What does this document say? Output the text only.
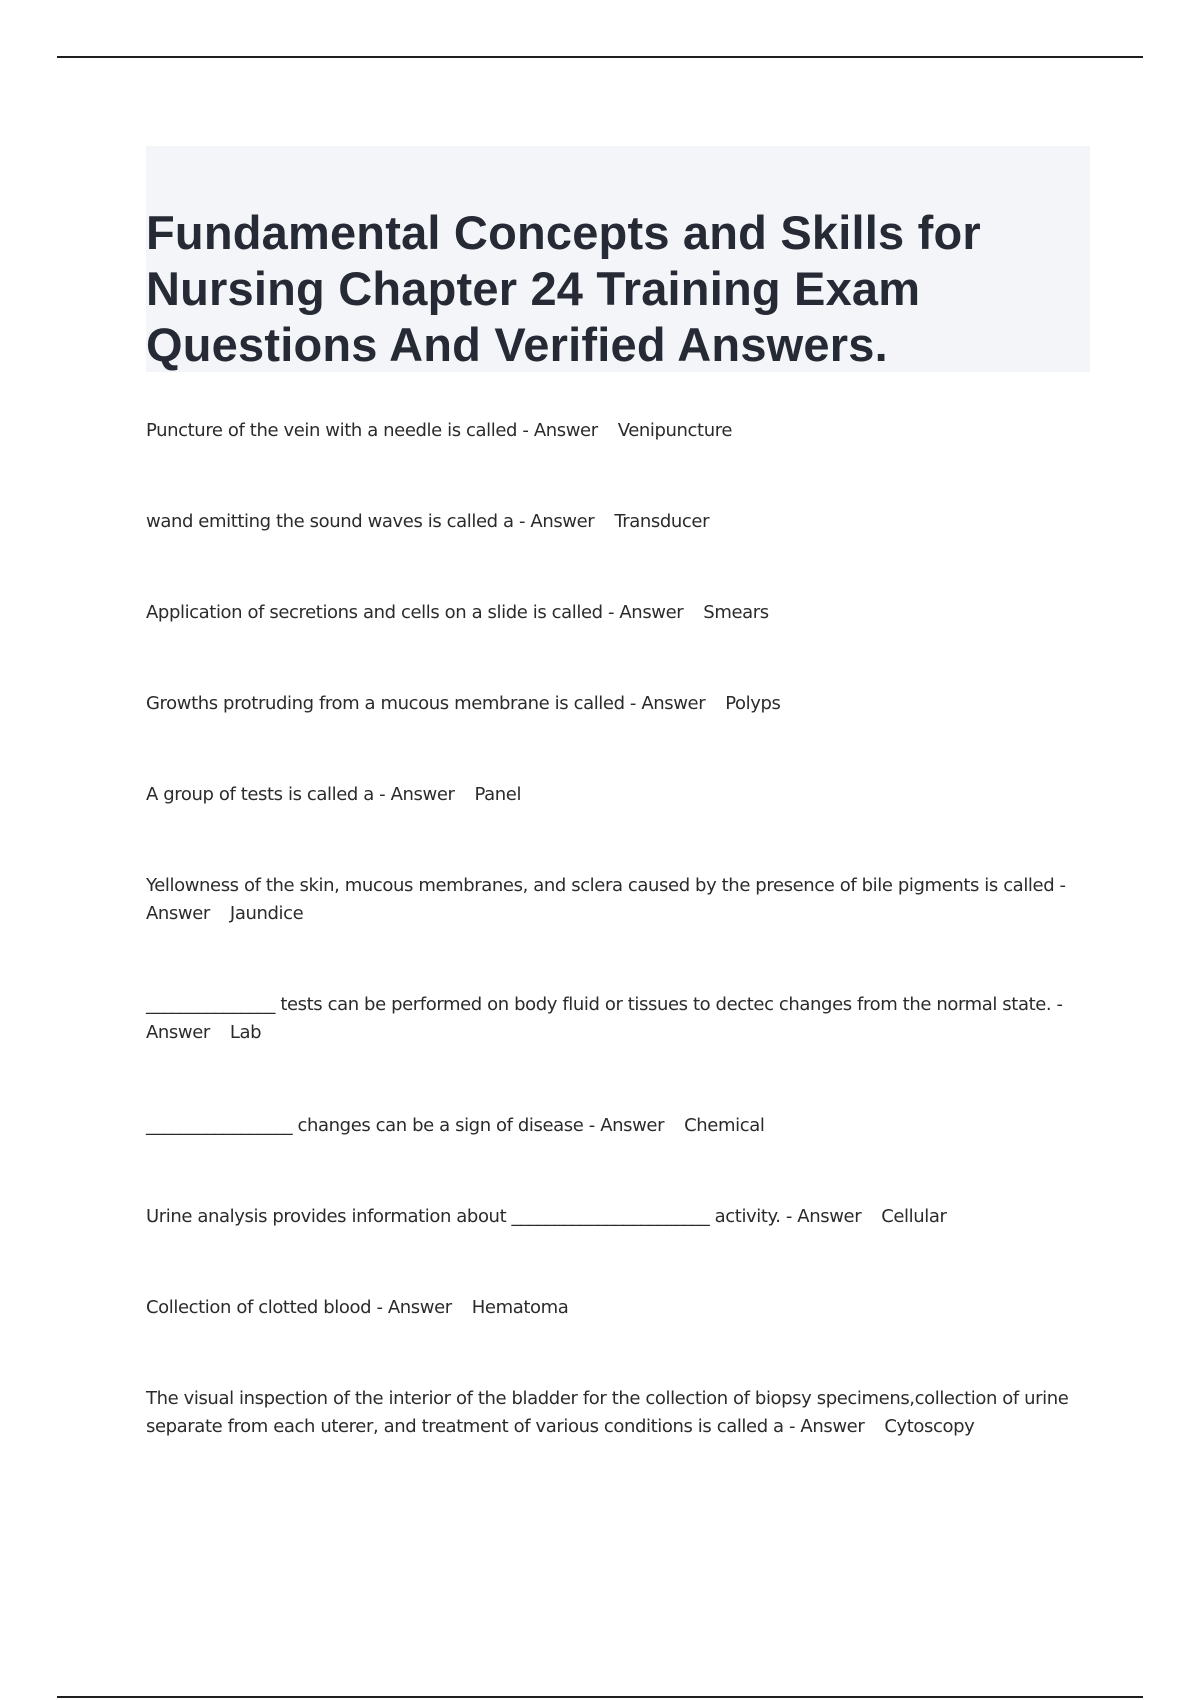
Fundamental Concepts and Skills for Nursing Chapter 24 Training Exam Questions And Verified Answers.

Puncture of the vein with a needle is called - Answer Venipuncture

wand emitting the sound waves is called a - Answer Transducer

Application of secretions and cells on a slide is called - Answer Smears

Growths protruding from a mucous membrane is called - Answer Polyps

A group of tests is called a - Answer Panel

Yellowness of the skin, mucous membranes, and sclera caused by the presence of bile pigments is called - Answer Jaundice

_______________ tests can be performed on body fluid or tissues to dectec changes from the normal state. - Answer Lab

_________________ changes can be a sign of disease - Answer Chemical

Urine analysis provides information about _______________________ activity. - Answer Cellular

Collection of clotted blood - Answer Hematoma

The visual inspection of the interior of the bladder for the collection of biopsy specimens,collection of urine separate from each uterer, and treatment of various conditions is called a - Answer Cytoscopy
